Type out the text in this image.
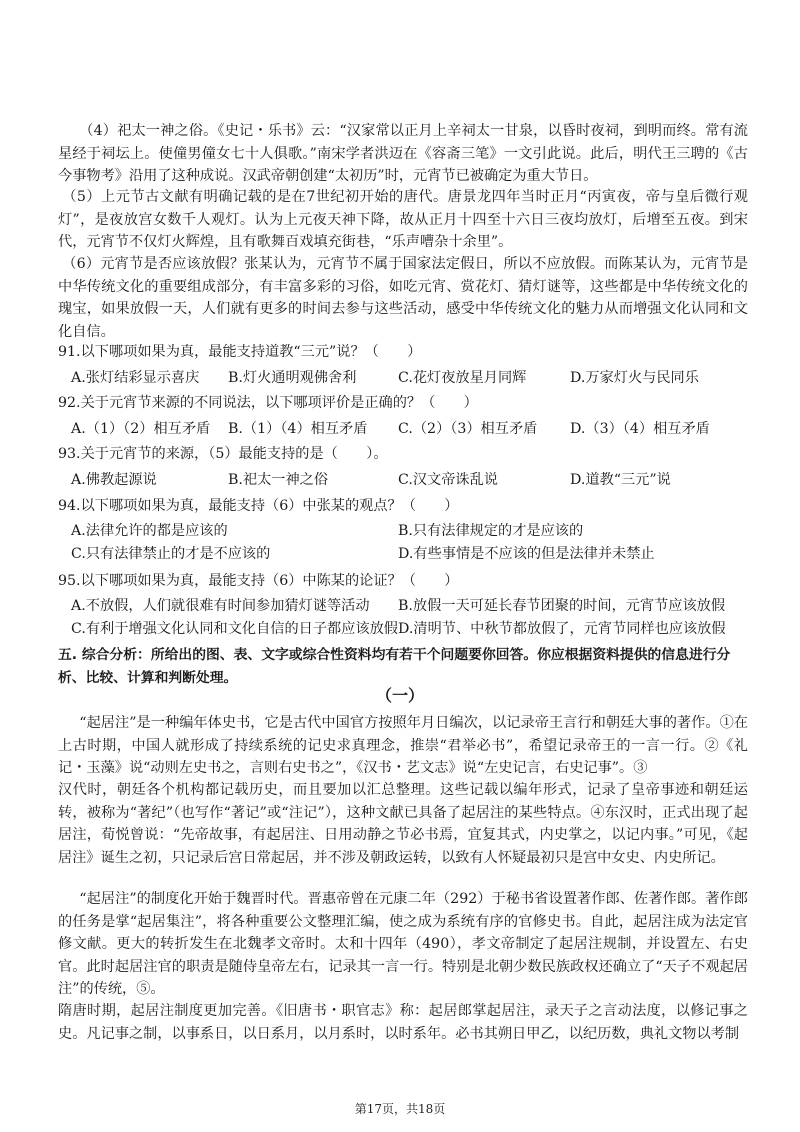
（4）祀太一神之俗。《史记・乐书》云：“汉家常以正月上辛祠太一甘泉，以昏时夜祠，到明而终。常有流星经于祠坛上。使僮男僮女七十人俱歌。”南宋学者洪迈在《容斋三笔》一文引此说。此后，明代王三聘的《古今事物考》沿用了这种成说。汉武帝朝创建“太初历”时，元宵节已被确定为重大节日。

（5）上元节古文献有明确记载的是在7世纪初开始的唐代。唐景龙四年当时正月“丙寅夜，帝与皇后微行观灯”，是夜放宫女数千人观灯。认为上元夜天神下降，故从正月十四至十六日三夜均放灯，后增至五夜。到宋代，元宵节不仅灯火辉煌，且有歌舞百戏填充街巷，“乐声嘈杂十余里”。

（6）元宵节是否应该放假？张某认为，元宵节不属于国家法定假日，所以不应放假。而陈某认为，元宵节是中华传统文化的重要组成部分，有丰富多彩的习俗，如吃元宵、赏花灯、猜灯谜等，这些都是中华传统文化的瑰宝，如果放假一天，人们就有更多的时间去参与这些活动，感受中华传统文化的魅力从而增强文化认同和文化自信。

91.以下哪项如果为真，最能支持道教“三元”说？（　　）

A.张灯结彩显示喜庆 B.灯火通明观佛舍利	C.花灯夜放星月同辉	D.万家灯火与民同乐

92.关于元宵节来源的不同说法，以下哪项评价是正确的？（　　）

A.（1）（2）相互矛盾 B.（1）（4）相互矛盾 C.（2）（3）相互矛盾 D.（3）（4）相互矛盾

93.关于元宵节的来源，（5）最能支持的是（　　）。

A.佛教起源说	B.祀太一神之俗	C.汉文帝诛乱说	D.道教“三元”说

94.以下哪项如果为真，最能支持（6）中张某的观点？（　　）

A.法律允许的都是应该的	B.只有法律规定的才是应该的
C.只有法律禁止的才是不应该的	D.有些事情是不应该的但是法律并未禁止

95.以下哪项如果为真，最能支持（6）中陈某的论证？（　　）

A.不放假，人们就很难有时间参加猜灯谜等活动 B.放假一天可延长春节团聚的时间，元宵节应该放假
C.有利于增强文化认同和文化自信的日子都应该放假 D.清明节、中秋节都放假了，元宵节同样也应该放假

五. 综合分析：所给出的图、表、文字或综合性资料均有若干个问题要你回答。你应根据资料提供的信息进行分析、比较、计算和判断处理。

（一）

“起居注”是一种编年体史书，它是古代中国官方按照年月日编次，以记录帝王言行和朝廷大事的著作。①在上古时期，中国人就形成了持续系统的记史求真理念，推崇“君举必书”，希望记录帝王的一言一行。②《礼记・玉藻》说“动则左史书之，言则右史书之”，《汉书・艺文志》说“左史记言，右史记事”。③

汉代时，朝廷各个机构都记载历史，而且要加以汇总整理。这些记载以编年形式，记录了皇帝事迹和朝廷运转，被称为“著纪”（也写作“著记”或“注记”），这种文献已具备了起居注的某些特点。④东汉时，正式出现了起居注，荀悦曾说：“先帝故事，有起居注、日用动静之节必书焉，宜复其式，内史掌之，以记内事。”可见，《起居注》诞生之初，只记录后宫日常起居，并不涉及朝政运转，以致有人怀疑最初只是宫中女史、内史所记。

“起居注”的制度化开始于魏晋时代。晋惠帝曾在元康二年（292）于秘书省设置著作郎、佐著作郎。著作郎的任务是掌“起居集注”，将各种重要公文整理汇编，使之成为系统有序的官修史书。自此，起居注成为法定官修文献。更大的转折发生在北魏孝文帝时。太和十四年（490），孝文帝制定了起居注规制，并设置左、右史官。此时起居注官的职责是随侍皇帝左右，记录其一言一行。特别是北朝少数民族政权还确立了“天子不观起居注”的传统，⑤。

隋唐时期，起居注制度更加完善。《旧唐书・职官志》称：起居郎掌起居注，录天子之言动法度，以修记事之史。凡记事之制，以事系日，以日系月，以月系时，以时系年。必书其朔日甲乙，以纪历数，典礼文物以考制

第17页，共18页
